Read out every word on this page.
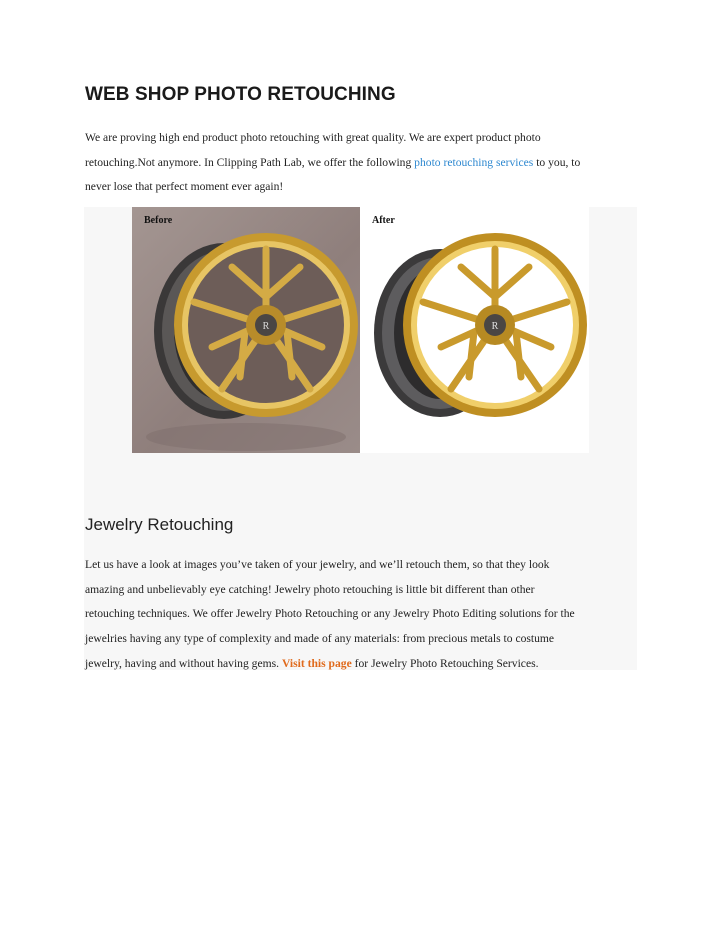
WEB SHOP PHOTO RETOUCHING
We are proving high end product photo retouching with great quality. We are expert product photo
retouching.Not anymore. In Clipping Path Lab, we offer the following photo retouching services to you, to
never lose that perfect moment ever again!
R
Before
R
After
Jewelry Retouching
Let us have a look at images you’ve taken of your jewelry, and we’ll retouch them, so that they look
amazing and unbelievably eye catching! Jewelry photo retouching is little bit different than other
retouching techniques. We offer Jewelry Photo Retouching or any Jewelry Photo Editing solutions for the
jewelries having any type of complexity and made of any materials: from precious metals to costume
jewelry, having and without having gems. Visit this page for Jewelry Photo Retouching Services.
